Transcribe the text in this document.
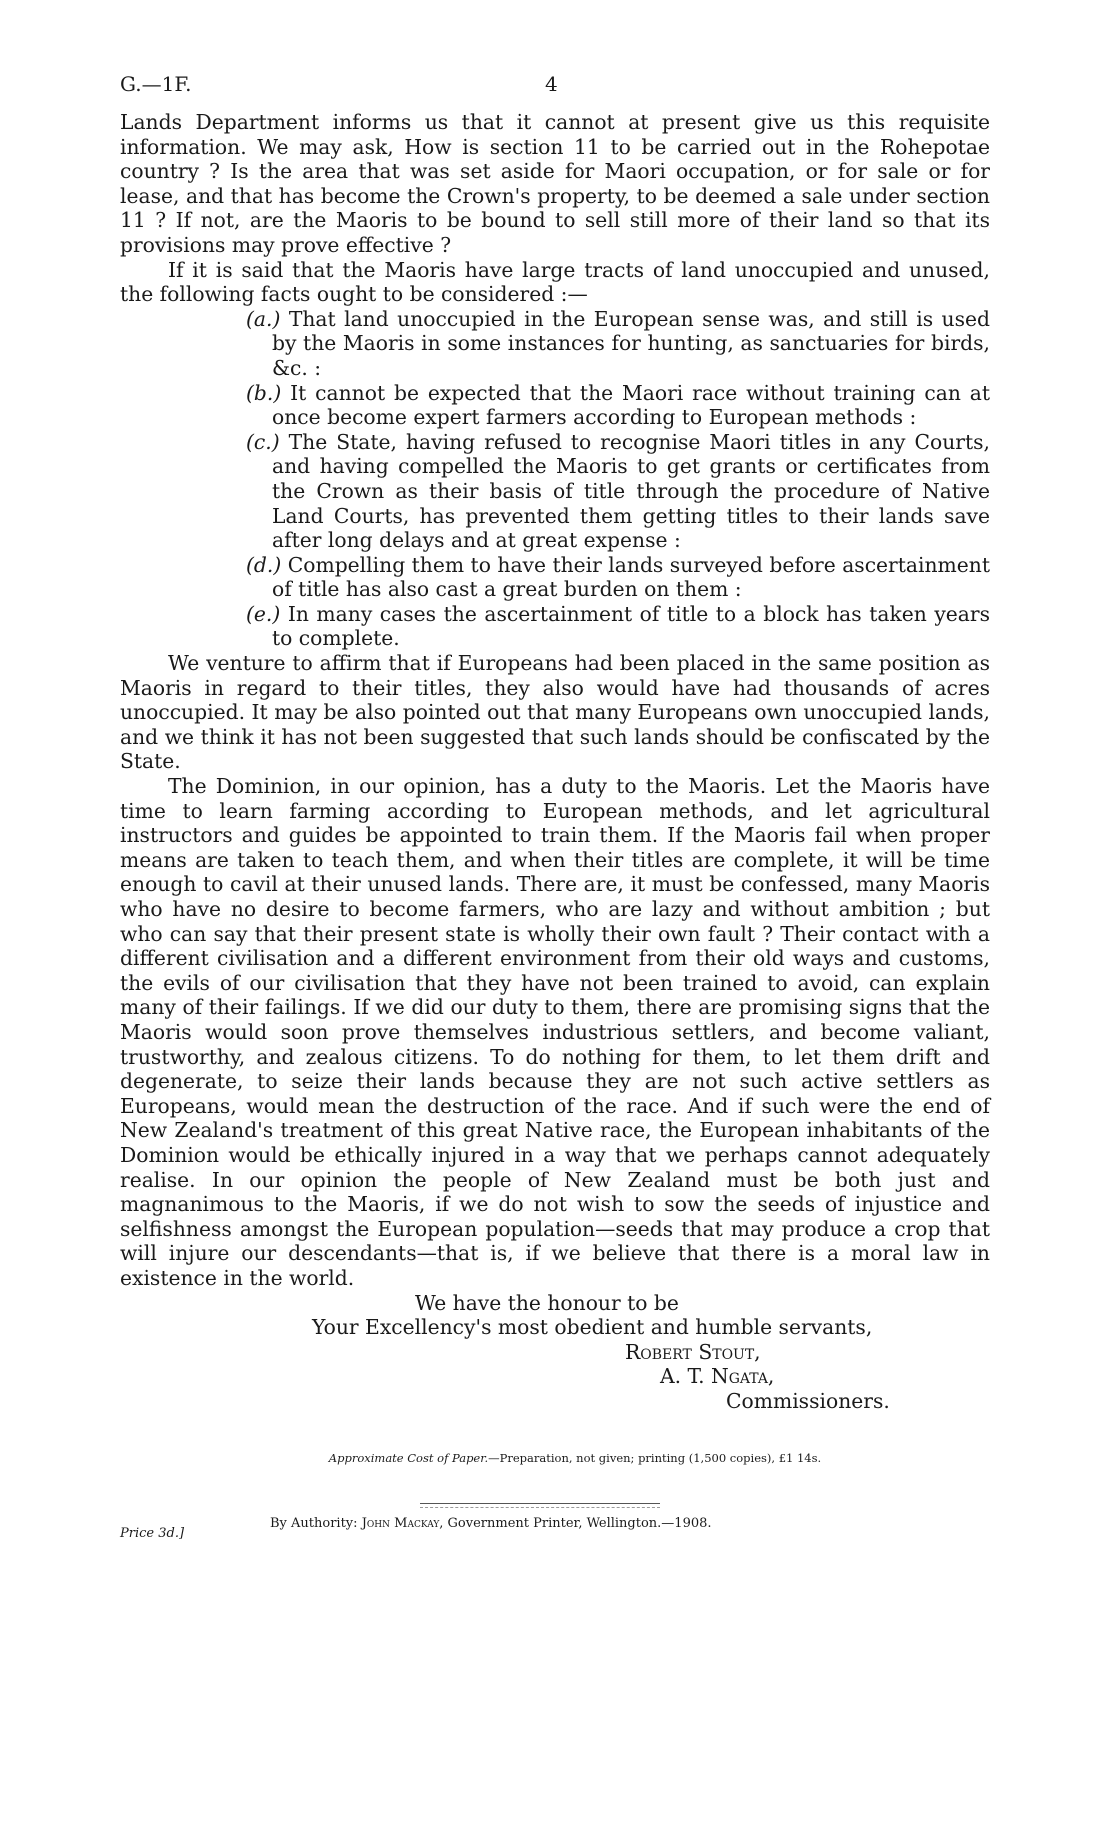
G.—1F.	4

Lands Department informs us that it cannot at present give us this requisite information. We may ask, How is section 11 to be carried out in the Rohepotae country ? Is the area that was set aside for Maori occupation, or for sale or for lease, and that has become the Crown's property, to be deemed a sale under section 11 ? If not, are the Maoris to be bound to sell still more of their land so that its provisions may prove effective ?

If it is said that the Maoris have large tracts of land unoccupied and unused, the following facts ought to be considered :—

(a.) That land unoccupied in the European sense was, and still is used by the Maoris in some instances for hunting, as sanctuaries for birds, &c. :
(b.) It cannot be expected that the Maori race without training can at once become expert farmers according to European methods :
(c.) The State, having refused to recognise Maori titles in any Courts, and having compelled the Maoris to get grants or certificates from the Crown as their basis of title through the procedure of Native Land Courts, has prevented them getting titles to their lands save after long delays and at great expense :
(d.) Compelling them to have their lands surveyed before ascertainment of title has also cast a great burden on them :
(e.) In many cases the ascertainment of title to a block has taken years to complete.

We venture to affirm that if Europeans had been placed in the same position as Maoris in regard to their titles, they also would have had thousands of acres unoccupied. It may be also pointed out that many Europeans own unoccupied lands, and we think it has not been suggested that such lands should be confiscated by the State.

The Dominion, in our opinion, has a duty to the Maoris. Let the Maoris have time to learn farming according to European methods, and let agricultural instructors and guides be appointed to train them. If the Maoris fail when proper means are taken to teach them, and when their titles are complete, it will be time enough to cavil at their unused lands. There are, it must be confessed, many Maoris who have no desire to become farmers, who are lazy and without ambition ; but who can say that their present state is wholly their own fault ? Their contact with a different civilisation and a different environment from their old ways and customs, the evils of our civilisation that they have not been trained to avoid, can explain many of their failings. If we did our duty to them, there are promising signs that the Maoris would soon prove themselves industrious settlers, and become valiant, trustworthy, and zealous citizens. To do nothing for them, to let them drift and degenerate, to seize their lands because they are not such active settlers as Europeans, would mean the destruction of the race. And if such were the end of New Zealand's treatment of this great Native race, the European inhabitants of the Dominion would be ethically injured in a way that we perhaps cannot adequately realise. In our opinion the people of New Zealand must be both just and magnanimous to the Maoris, if we do not wish to sow the seeds of injustice and selfishness amongst the European population—seeds that may produce a crop that will injure our descendants—that is, if we believe that there is a moral law in existence in the world.

We have the honour to be
Your Excellency's most obedient and humble servants,
Robert Stout,
A. T. Ngata,
Commissioners.
Approximate Cost of Paper.—Preparation, not given; printing (1,500 copies), £1 14s.
Price 3d.]
By Authority: John Mackay, Government Printer, Wellington.—1908.
